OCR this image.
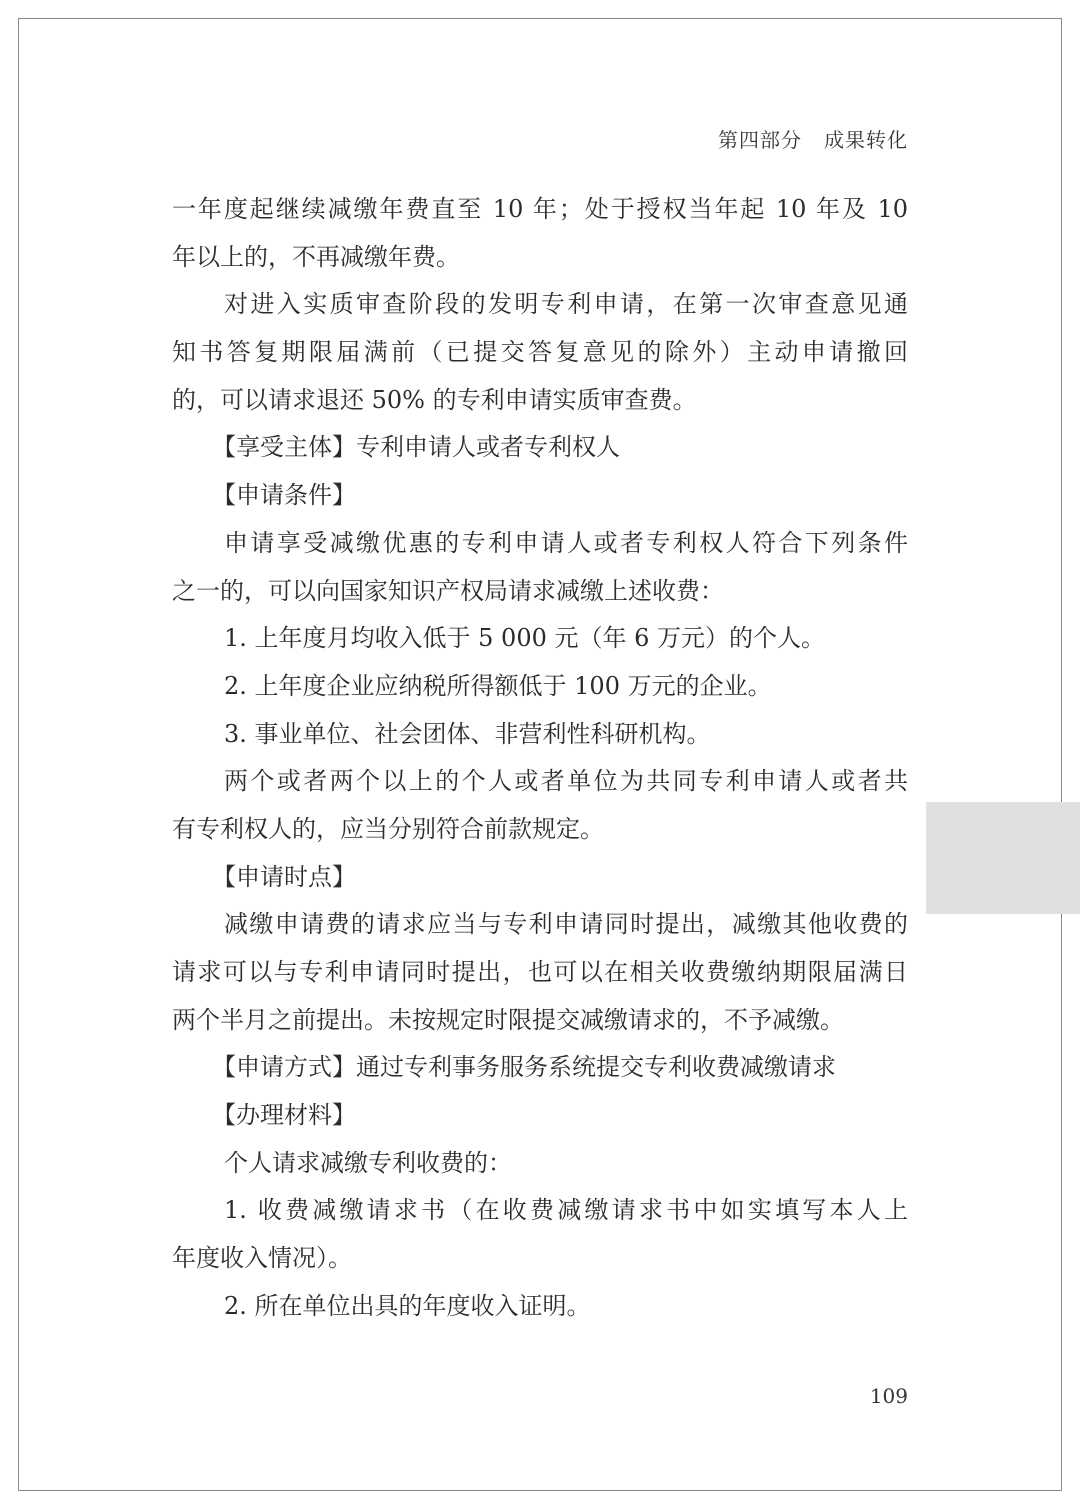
第四部分 成果转化
一年度起继续减缴年费直至 10 年；处于授权当年起 10 年及 10
年以上的，不再减缴年费。
对进入实质审查阶段的发明专利申请，在第一次审查意见通
知书答复期限届满前（已提交答复意见的除外）主动申请撤回
的，可以请求退还 50% 的专利申请实质审查费。
【享受主体】专利申请人或者专利权人
【申请条件】
申请享受减缴优惠的专利申请人或者专利权人符合下列条件
之一的，可以向国家知识产权局请求减缴上述收费：
1. 上年度月均收入低于 5 000 元（年 6 万元）的个人。
2. 上年度企业应纳税所得额低于 100 万元的企业。
3. 事业单位、社会团体、非营利性科研机构。
两个或者两个以上的个人或者单位为共同专利申请人或者共
有专利权人的，应当分别符合前款规定。
【申请时点】
减缴申请费的请求应当与专利申请同时提出，减缴其他收费的
请求可以与专利申请同时提出，也可以在相关收费缴纳期限届满日
两个半月之前提出。未按规定时限提交减缴请求的，不予减缴。
【申请方式】通过专利事务服务系统提交专利收费减缴请求
【办理材料】
个人请求减缴专利收费的：
1. 收费减缴请求书（在收费减缴请求书中如实填写本人上
年度收入情况）。
2. 所在单位出具的年度收入证明。
109
